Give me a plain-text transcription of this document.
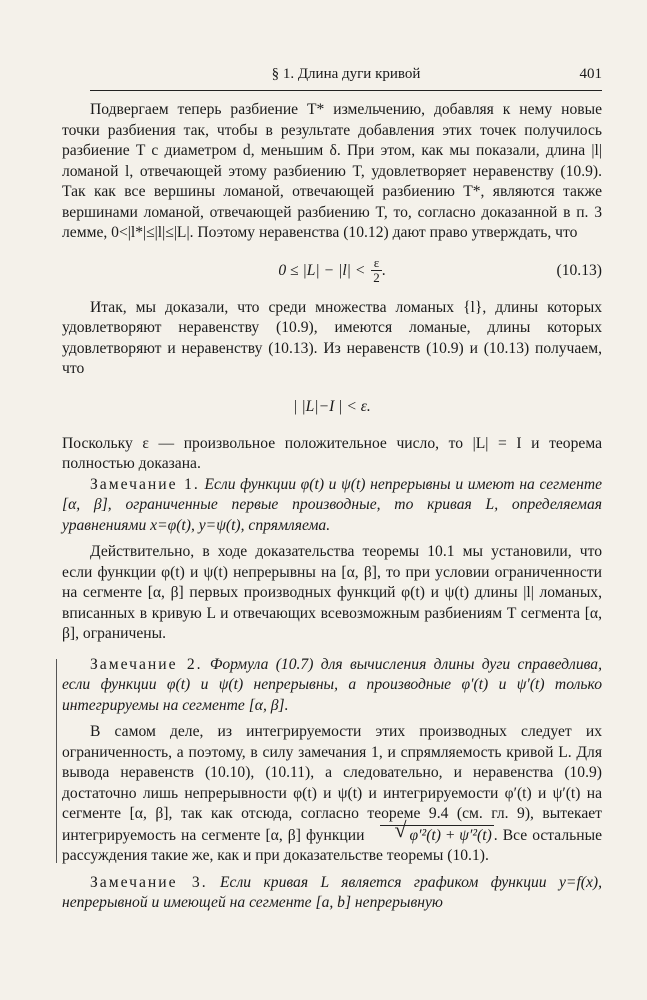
§ 1. Длина дуги кривой	401

Подвергаем теперь разбиение T* измельчению, добавляя к нему новые точки разбиения так, чтобы в результате добавления этих точек получилось разбиение T с диаметром d, меньшим δ. При этом, как мы показали, длина |l| ломаной l, отвечающей этому разбиению T, удовлетворяет неравенству (10.9). Так как все вершины ломаной, отвечающей разбиению T*, являются также вершинами ломаной, отвечающей разбиению T, то, согласно доказанной в п. 3 лемме, 0<|l*|≤|l|≤|L|. Поэтому неравенства (10.12) дают право утверждать, что

$0 \le |L| - |l| < \frac{\varepsilon}{2}$ .	(10.13)

Итак, мы доказали, что среди множества ломаных {l}, длины которых удовлетворяют неравенству (10.9), имеются ломаные, длины которых удовлетворяют и неравенству (10.13). Из неравенств (10.9) и (10.13) получаем, что

| |L|−I | < ε.

Поскольку ε — произвольное положительное число, то |L| = I и теорема полностью доказана.

Замечание 1. Если функции φ(t) и ψ(t) непрерывны и имеют на сегменте [α, β], ограниченные первые производные, то кривая L, определяемая уравнениями x=φ(t), y=ψ(t), спрямляема.

Действительно, в ходе доказательства теоремы 10.1 мы установили, что если функции φ(t) и ψ(t) непрерывны на [α, β], то при условии ограниченности на сегменте [α, β] первых производных функций φ(t) и ψ(t) длины |l| ломаных, вписанных в кривую L и отвечающих всевозможным разбиениям T сегмента [α, β], ограничены.

Замечание 2. Формула (10.7) для вычисления длины дуги справедлива, если функции φ(t) и ψ(t) непрерывны, а производные φ′(t) и ψ′(t) только интегрируемы на сегменте [α, β].

В самом деле, из интегрируемости этих производных следует их ограниченность, а поэтому, в силу замечания 1, и спрямляемость кривой L. Для вывода неравенств (10.10), (10.11), а следовательно, и неравенства (10.9) достаточно лишь непрерывности φ(t) и ψ(t) и интегрируемости φ′(t) и ψ′(t) на сегменте [α, β], так как отсюда, согласно теореме 9.4 (см. гл. 9), вытекает интегрируемость на сегменте [α, β] функции √	φ′²(t) + ψ′²(t) . Все остальные рассуждения такие же, как и при доказательстве теоремы (10.1).

Замечание 3. Если кривая L является графиком функции y=f(x), непрерывной и имеющей на сегменте [a, b] непрерывную
